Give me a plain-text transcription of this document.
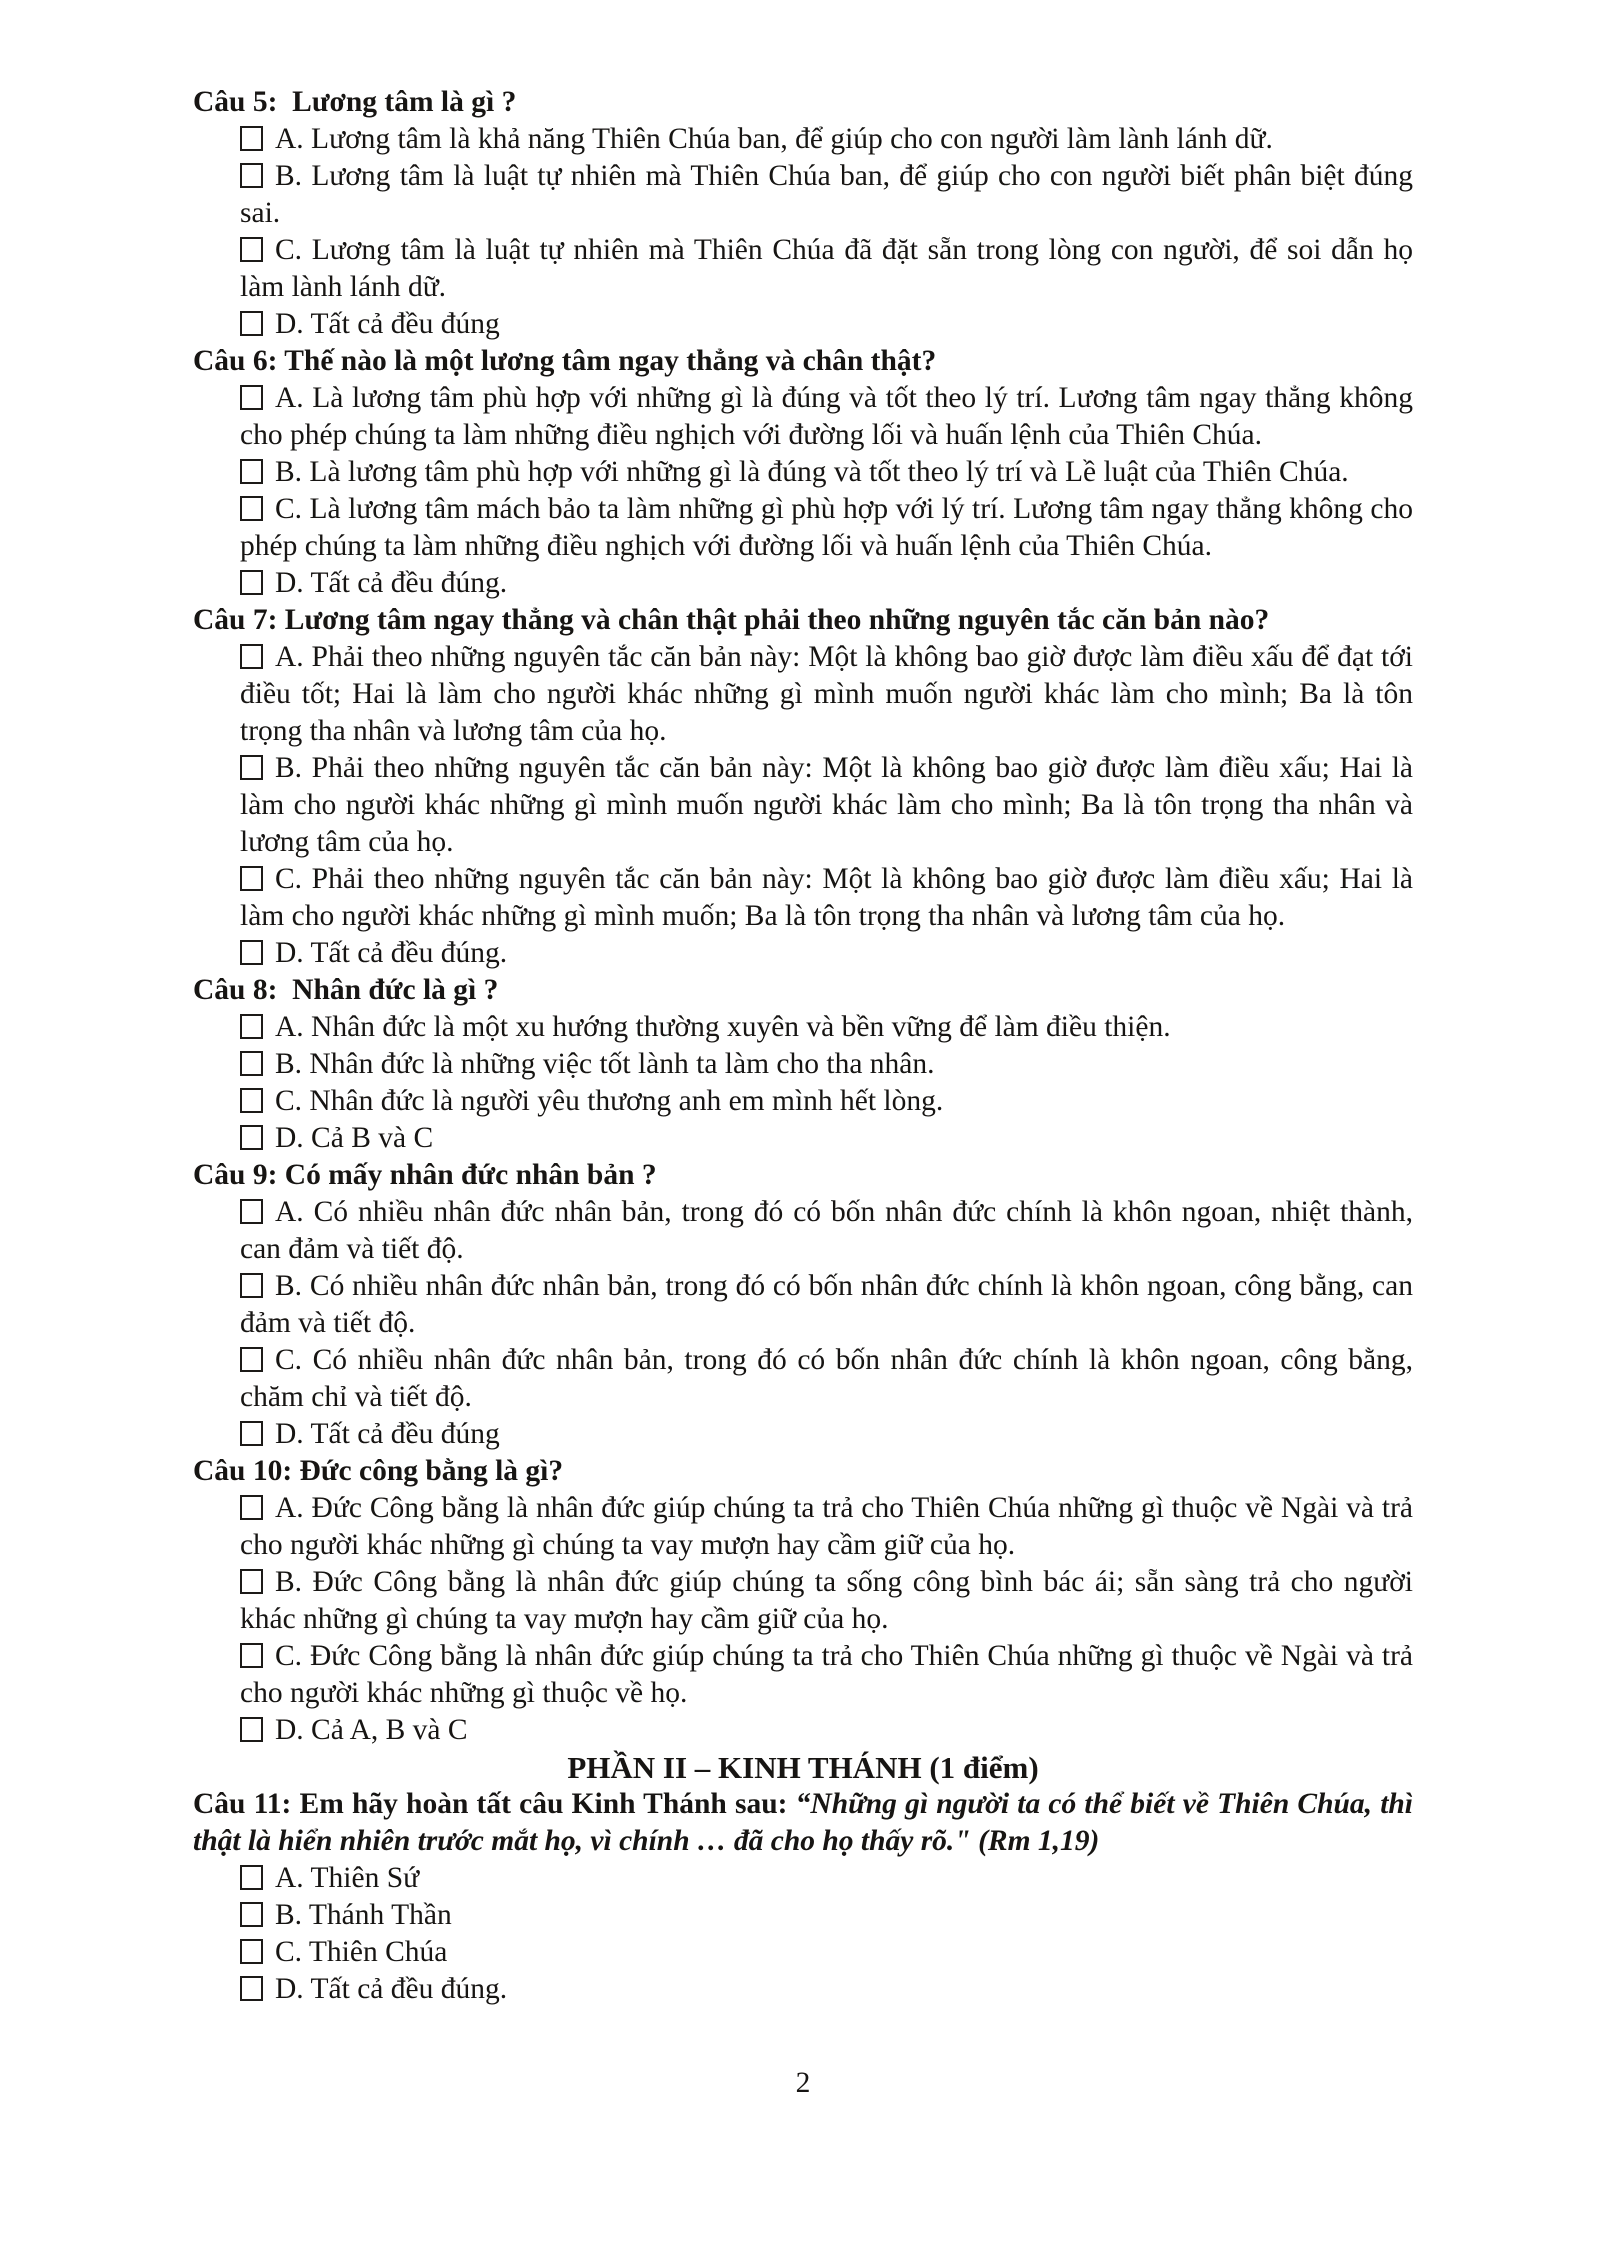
Câu 5:  Lương tâm là gì ?

A. Lương tâm là khả năng Thiên Chúa ban, để giúp cho con người làm lành lánh dữ.

B. Lương tâm là luật tự nhiên mà Thiên Chúa ban, để giúp cho con người biết phân biệt đúng sai.

C. Lương tâm là luật tự nhiên mà Thiên Chúa đã đặt sẵn trong lòng con người, để soi dẫn họ làm lành lánh dữ.

D. Tất cả đều đúng

Câu 6: Thế nào là một lương tâm ngay thẳng và chân thật?

A. Là lương tâm phù hợp với những gì là đúng và tốt theo lý trí. Lương tâm ngay thẳng không cho phép chúng ta làm những điều nghịch với đường lối và huấn lệnh của Thiên Chúa.

B. Là lương tâm phù hợp với những gì là đúng và tốt theo lý trí và Lề luật của Thiên Chúa.

C. Là lương tâm mách bảo ta làm những gì phù hợp với lý trí. Lương tâm ngay thẳng không cho phép chúng ta làm những điều nghịch với đường lối và huấn lệnh của Thiên Chúa.

D. Tất cả đều đúng.

Câu 7: Lương tâm ngay thẳng và chân thật phải theo những nguyên tắc căn bản nào?

A. Phải theo những nguyên tắc căn bản này: Một là không bao giờ được làm điều xấu để đạt tới điều tốt; Hai là làm cho người khác những gì mình muốn người khác làm cho mình; Ba là tôn trọng tha nhân và lương tâm của họ.

B. Phải theo những nguyên tắc căn bản này: Một là không bao giờ được làm điều xấu; Hai là làm cho người khác những gì mình muốn người khác làm cho mình; Ba là tôn trọng tha nhân và lương tâm của họ.

C. Phải theo những nguyên tắc căn bản này: Một là không bao giờ được làm điều xấu; Hai là làm cho người khác những gì mình muốn; Ba là tôn trọng tha nhân và lương tâm của họ.

D. Tất cả đều đúng.

Câu 8:  Nhân đức là gì ?

A. Nhân đức là một xu hướng thường xuyên và bền vững để làm điều thiện.

B. Nhân đức là những việc tốt lành ta làm cho tha nhân.

C. Nhân đức là người yêu thương anh em mình hết lòng.

D. Cả B và C

Câu 9: Có mấy nhân đức nhân bản ?

A. Có nhiều nhân đức nhân bản, trong đó có bốn nhân đức chính là khôn ngoan, nhiệt thành, can đảm và tiết độ.

B. Có nhiều nhân đức nhân bản, trong đó có bốn nhân đức chính là khôn ngoan, công bằng, can đảm và tiết độ.

C. Có nhiều nhân đức nhân bản, trong đó có bốn nhân đức chính là khôn ngoan, công bằng, chăm chỉ và tiết độ.

D. Tất cả đều đúng

Câu 10: Đức công bằng là gì?

A. Đức Công bằng là nhân đức giúp chúng ta trả cho Thiên Chúa những gì thuộc về Ngài và trả cho người khác những gì chúng ta vay mượn hay cầm giữ của họ.

B. Đức Công bằng là nhân đức giúp chúng ta sống công bình bác ái; sẵn sàng trả cho người khác những gì chúng ta vay mượn hay cầm giữ của họ.

C. Đức Công bằng là nhân đức giúp chúng ta trả cho Thiên Chúa những gì thuộc về Ngài và trả cho người khác những gì thuộc về họ.

D. Cả A, B và C

PHẦN II – KINH THÁNH (1 điểm)

Câu 11: Em hãy hoàn tất câu Kinh Thánh sau: “Những gì người ta có thể biết về Thiên Chúa, thì thật là hiển nhiên trước mắt họ, vì chính … đã cho họ thấy rõ." (Rm 1,19)

A. Thiên Sứ

B. Thánh Thần

C. Thiên Chúa

D. Tất cả đều đúng.

2
